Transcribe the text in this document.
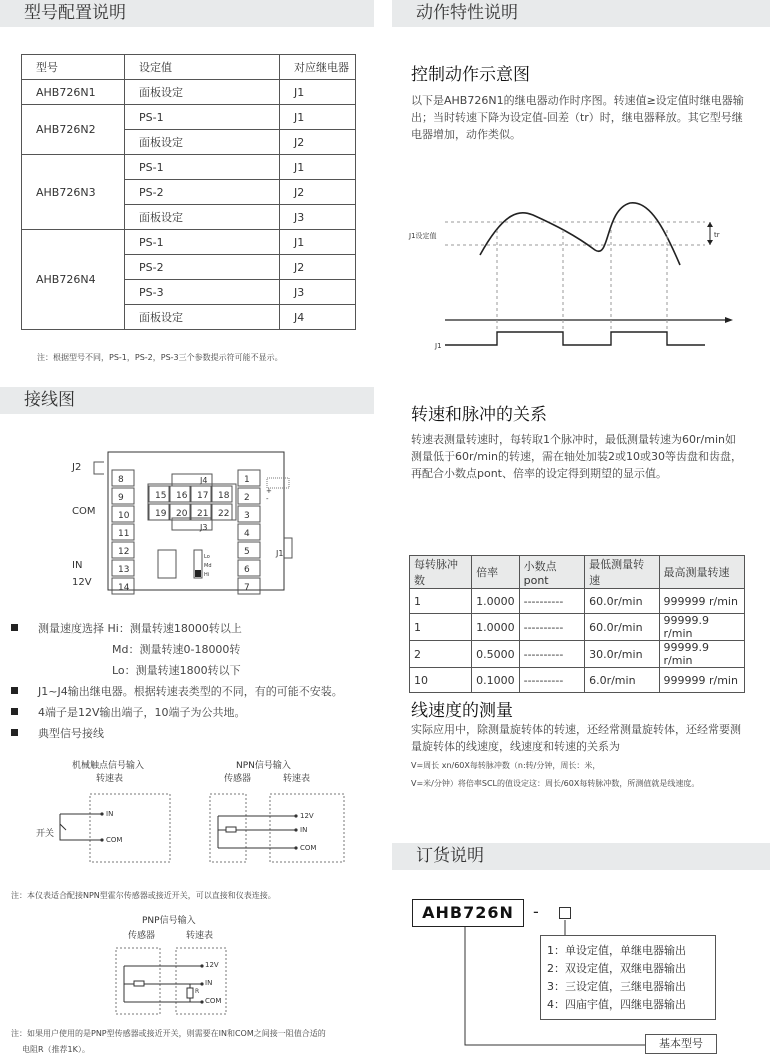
型号配置说明	动作特性说明
接线图
订货说明
型号	设定值	对应继电器
AHB726N1	面板设定	J1
AHB726N2	PS-1	J1
	面板设定	J2
AHB726N3	PS-1	J1
	PS-2	J2
	面板设定	J3
AHB726N4	PS-1	J1
	PS-2	J2
	PS-3	J3
	面板设定	J4
注：根据型号不同，PS-1，PS-2，PS-3三个参数提示符可能不显示。
控制动作示意图
以下是AHB726N1的继电器动作时序图。转速值≥设定值时继电器输出；当时转速下降为设定值-回差（tr）时，继电器释放。其它型号继电器增加，动作类似。
J1设定值	tr
J1
转速和脉冲的关系
转速表测量转速时，每转取1个脉冲时，最低测量转速为60r/min如测量低于60r/min的转速，需在轴处加装2或10或30等齿盘和齿盘，再配合小数点pont、倍率的设定得到期望的显示值。
每转脉冲数	倍率	小数点pont	最低测量转速	最高测量转速
1	1.0000	----------	60.0r/min	999999 r/min
1	1.0000	----------	60.0r/min	99999.9 r/min
2	0.5000	----------	30.0r/min	99999.9 r/min
10	0.1000	----------	6.0r/min	999999 r/min
线速度的测量
实际应用中，除测量旋转体的转速，还经常测量旋转体，还经常要测量旋转体的线速度，线速度和转速的关系为
V=周长 xn/60X每转脉冲数（n:转/分钟，周长：米，
V=米/分钟）将倍率SCL的值设定这：周长/60X每转脉冲数，所测值就是线速度。
8
9
10
11
12
13
14
1
2
3
4
5
6
7
15 16 17 18
19 20 21 22
J4
J3
Lo
Md
Hi
+
-
J1
J2
COM
IN
12V
测量速度选择 Hi：测量转速18000转以上
Md：测量转速0-18000转
Lo：测量转速1800转以下
J1~J4输出继电器。根据转速表类型的不同，有的可能不安装。
4端子是12V输出端子，10端子为公共地。
典型信号接线
机械触点信号输入
转速表
NPN信号输入
传感器	转速表
开关
IN
COM
12V
IN
COM
注：本仪表适合配接NPN型霍尔传感器或接近开关，可以直接和仪表连接。
PNP信号输入
传感器	转速表
12V
IN
R
COM
注：如果用户使用的是PNP型传感器或接近开关，则需要在IN和COM之间接一阻值合适的
电阻R（推荐1K）。
AHB726N	-
1：单设定值，单继电器输出
2：双设定值，双继电器输出
3：三设定值，三继电器输出
4：四庙宇值，四继电器输出
基本型号
